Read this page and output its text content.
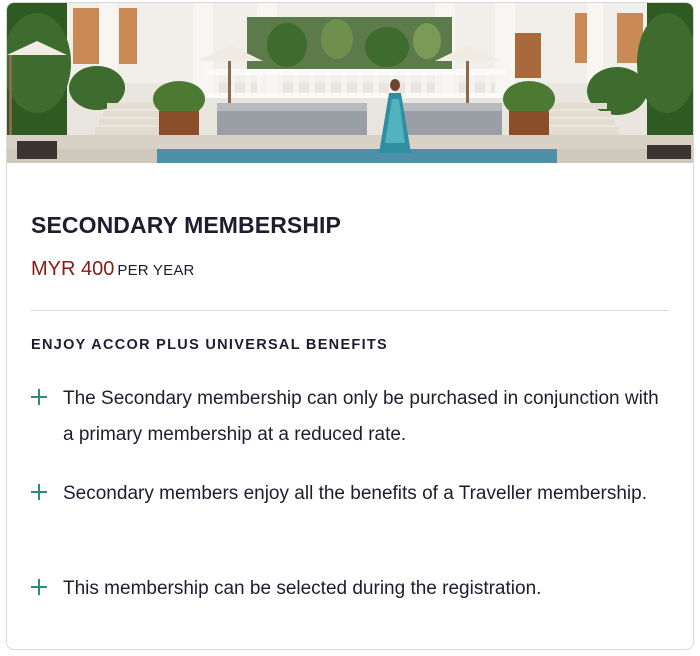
SECONDARY MEMBERSHIP
MYR 400 PER YEAR
ENJOY ACCOR PLUS UNIVERSAL BENEFITS
The Secondary membership can only be purchased in conjunction with a primary membership at a reduced rate.
Secondary members enjoy all the benefits of a Traveller membership.
This membership can be selected during the registration.
